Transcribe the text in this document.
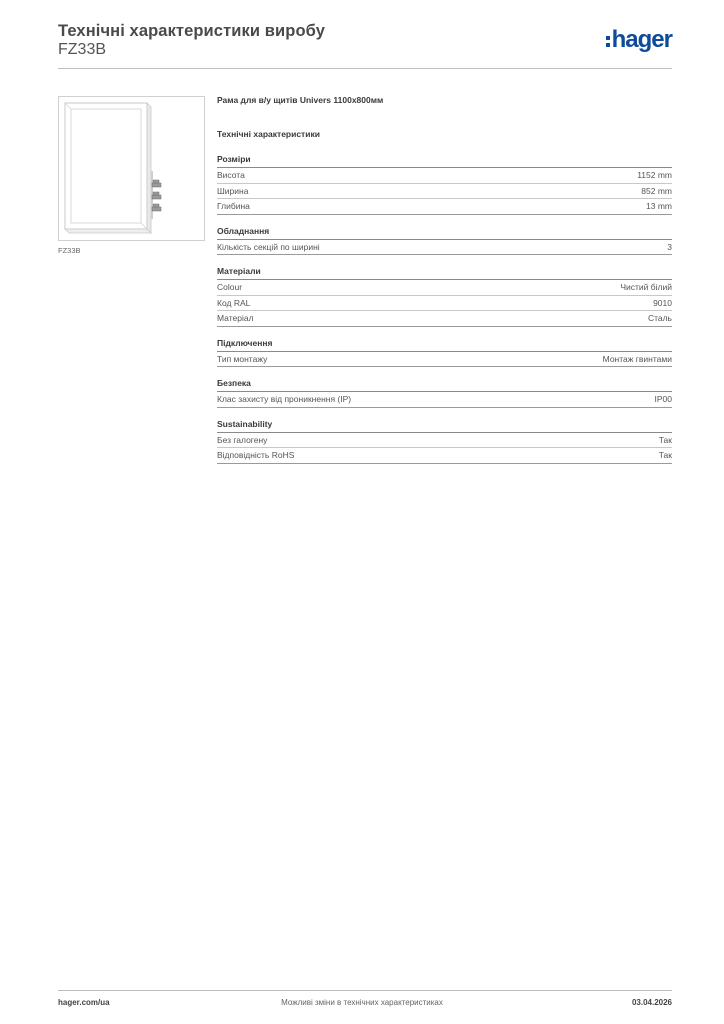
Технічні характеристики виробу
FZ33B	hager
FZ33B
Рама для в/у щитів Univers 1100x800мм
Технічні характеристики
Розміри
Висота	1152 mm
Ширина	852 mm
Глибина	13 mm
Обладнання
Кількість секцій по ширині	3
Матеріали
Colour	Чистий білий
Код RAL	9010
Матеріал	Сталь
Підключення
Тип монтажу	Монтаж гвинтами
Безпека
Клас захисту від проникнення (IP)	IP00
Sustainability
Без галогену	Так
Відповідність RoHS	Так
hager.com/ua	Можливі зміни в технічних характеристиках	03.04.2026
